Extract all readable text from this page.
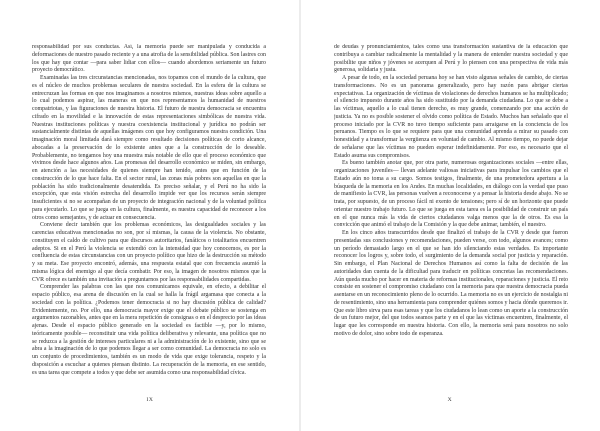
responsabilidad por sus conductas. Así, la memoria puede ser manipulada y conducida a deformaciones de nuestro pasado reciente y a una atrofia de la sensibilidad pública. Son lastres con los que hay que contar —para saber lidiar con ellos— cuando abordemos seriamente un futuro proyecto democrático.

Examinadas las tres circunstancias mencionadas, nos topamos con el mundo de la cultura, que es el núcleo de muchos problemas seculares de nuestra sociedad. En la esfera de la cultura se entrecruzan las formas en que nos imaginamos a nosotros mismos, nuestras ideas sobre aquello a lo cual podemos aspirar, las maneras en que nos representamos la humanidad de nuestros compatriotas, y las figuraciones de nuestra historia. El futuro de nuestra democracia se encuentra cifrado en la movilidad e la innovación de estas representaciones simbólicas de nuestra vida. Nuestras instituciones políticas y nuestra coexistencia institucional y jurídica no podrán ser sustancialmente distintas de aquellas imágenes con que hoy configuramos nuestra condición. Una imaginación moral limitada dará siempre como resultado decisiones políticas de corto alcance, abocadas a la preservación de lo existente antes que a la construcción de lo deseable. Probablemente, no tengamos hoy una muestra más notable de ello que el proceso económico que vivimos desde hace algunos años. Las promesas del desarrollo económico se miden, sin embargo, en atención a las necesidades de quienes siempre han tenido, antes que en función de la construcción de lo que hace falta. En el sector rural, las zonas más pobres son aquellas en que la población ha sido tradicionalmente desatendida. Es preciso señalar, y el Perú no ha sido la excepción, que esta visión estrecha del desarrollo impide ver que los recursos serán siempre insuficientes si no se acompañan de un proyecto de integración nacional y de la voluntad política para ejecutarlo. Lo que se juega en la cultura, finalmente, es nuestra capacidad de reconocer a los otros como semejantes, y de actuar en consecuencia.

Conviene decir también que los problemas económicos, las desigualdades sociales y las carencias educativas mencionadas no son, por sí mismas, la causa de la violencia. No obstante, constituyen el caldo de cultivo para que discursos autoritarios, fanáticos o totalitarios encuentren adeptos. Si en el Perú la violencia se extendió con la intensidad que hoy conocemos, es por la confluencia de estas circunstancias con un proyecto político que hizo de la destrucción su método y su meta. Ese proyecto encontró, además, una respuesta estatal que con frecuencia asumió la misma lógica del enemigo al que decía combatir. Por eso, la imagen de nosotros mismos que la CVR ofrece es también una invitación a preguntarnos por las responsabilidades compartidas.

Comprender las palabras con las que nos comunicamos equivale, en efecto, a debilitar el espacio público, esa arena de discusión en la cual se halla la frágil argamasa que conecta a la sociedad con la política. ¿Podemos tener democracia si no hay discusión pública de calidad? Evidentemente, no. Por ello, una democracia mayor exige que el debate público se sostenga en argumentos razonables, antes que en la mera repetición de consignas o en el desprecio por las ideas ajenas. Desde el espacio público generado en la sociedad es factible —y, por lo mismo, teóricamente posible— reconstituir una vida política deliberativa y relevante, una política que no se reduzca a la gestión de intereses particulares ni a la administración de lo existente, sino que se abra a la imaginación de lo que podemos llegar a ser como comunidad. La democracia no solo es un conjunto de procedimientos, también es un modo de vida que exige tolerancia, respeto y la disposición a escuchar a quienes piensan distinto. La recuperación de la memoria, en ese sentido, es una tarea que compete a todos y que debe ser asumida como una responsabilidad cívica.

IX

de deudas y pronunciamientos, tales como una transformación sustantiva de la educación que contribuya a cambiar radicalmente la mentalidad y la manera de entender nuestra sociedad y que posibilite que niños y jóvenes se acerquen al Perú y lo piensen con una perspectiva de vida más generosa, solidaria y justa.

A pesar de todo, en la sociedad peruana hoy se han visto algunas señales de cambio, de ciertas transformaciones. No es un panorama generalizado, pero hay razón para abrigar ciertas expectativas. La organización de víctimas de violaciones de derechos humanos se ha multiplicado; el silencio impuesto durante años ha sido sustituido por la demanda ciudadana. Lo que se debe a las víctimas, aquello a lo cual tienen derecho, es muy grande, comenzando por una acción de justicia. Ya no es posible sostener el olvido como política de Estado. Muchos han señalado que el proceso iniciado por la CVR no tuvo tiempo suficiente para arraigarse en la conciencia de los peruanos. Tiempo es lo que se requiere para que una comunidad aprenda a mirar su pasado con honestidad y a transformar la vergüenza en voluntad de cambio. Al mismo tiempo, no puede dejar de señalarse que las víctimas no pueden esperar indefinidamente. Por eso, es necesario que el Estado asuma sus compromisos.

Es bueno también anotar que, por otra parte, numerosas organizaciones sociales —entre ellas, organizaciones juveniles— llevan adelante valiosas iniciativas para impulsar los cambios que el Estado aún no toma a su cargo. Somos testigos, finalmente, de una prometedora apertura a la búsqueda de la memoria en los Andes. En muchas localidades, en diálogo con la verdad que puso de manifiesto la CVR, las personas vuelven a reconocerse y a pensar la historia desde abajo. No se trata, por supuesto, de un proceso fácil ni exento de tensiones; pero sí de un horizonte que puede orientar nuestro trabajo futuro. Lo que se juega en esta tarea es la posibilidad de construir un país en el que nunca más la vida de ciertos ciudadanos valga menos que la de otros. Es esa la convicción que animó el trabajo de la Comisión y la que debe animar, también, el nuestro.

En los cinco años transcurridos desde que finalizó el trabajo de la CVR y desde que fueron presentadas sus conclusiones y recomendaciones, pueden verse, con todo, algunos avances; como un período demasiado largo en el que se han ido silenciando estas verdades. Es importante reconocer los logros y, sobre todo, el surgimiento de la demanda social por justicia y reparación. Sin embargo, el Plan Nacional de Derechos Humanos así como la falta de decisión de las autoridades dan cuenta de la dificultad para traducir en políticas concretas las recomendaciones. Aún queda mucho por hacer en materia de reformas institucionales, reparaciones y justicia. El reto consiste en sostener el compromiso ciudadano con la memoria para que nuestra democracia pueda asentarse en un reconocimiento pleno de lo ocurrido. La memoria no es un ejercicio de nostalgia ni de resentimiento, sino una herramienta para comprender quiénes somos y hacia dónde queremos ir. Que este libro sirva para esas tareas y que los ciudadanos lo lean como un aporte a la construcción de un futuro mejor, del que todos seamos parte y en el que las víctimas encuentren, finalmente, el lugar que les corresponde en nuestra historia. Con ello, la memoria será para nosotros no solo motivo de dolor, sino sobre todo de esperanza.

X
